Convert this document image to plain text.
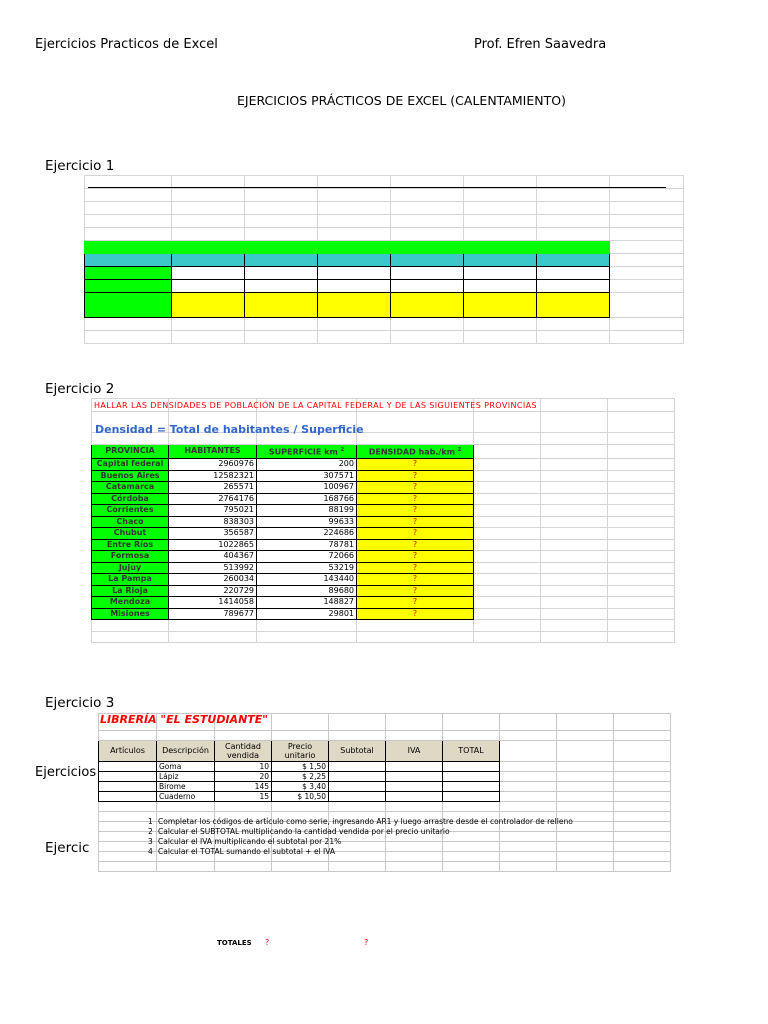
Ejercicios Practicos de Excel	Prof. Efren Saavedra
EJERCICIOS PRÁCTICOS DE EXCEL (CALENTAMIENTO)
Ejercicio 1

Ejercicio 2
HALLAR LAS DENSIDADES DE POBLACIÓN DE LA CAPITAL FEDERAL Y DE LAS SIGUIENTES PROVINCIAS
Densidad = Total de habitantes / Superficie

PROVINCIA	HABITANTES	SUPERFICIE km $^2$	DENSIDAD hab./km $^2$			
Capital federal	2960976	200	?			
Buenos Aires	12582321	307571	?			
Catamarca	265571	100967	?			
Córdoba	2764176	168766	?			
Corrientes	795021	88199	?			
Chaco	838303	99633	?			
Chubut	356587	224686	?			
Entre Ríos	1022865	78781	?			
Formosa	404367	72066	?			
Jujuy	513992	53219	?			
La Pampa	260034	143440	?			
La Rioja	220729	89680	?			
Mendoza	1414058	148827	?			
Misiones	789677	29801	?			

Ejercicio 3
Ejercicios
Ejercic
LIBRERÍA "EL ESTUDIANTE"

Artículos	Descripción	Cantidad vendida	Precio unitario	Subtotal	IVA	TOTAL			
	Goma	10	$ 1,50						
	Lápiz	20	$ 2,25						
	Birome	145	$ 3,40						
	Cuaderno	15	$ 10,50						

1 Completar los códigos de artículo como serie, ingresando AR1 y luego arrastre desde el controlador de relleno
2 Calcular el SUBTOTAL multiplicando la cantidad vendida por el precio unitario
3 Calcular el IVA multiplicando el subtotal por 21%
4 Calcular el TOTAL sumando el subtotal + el IVA
TOTALES ?	?
